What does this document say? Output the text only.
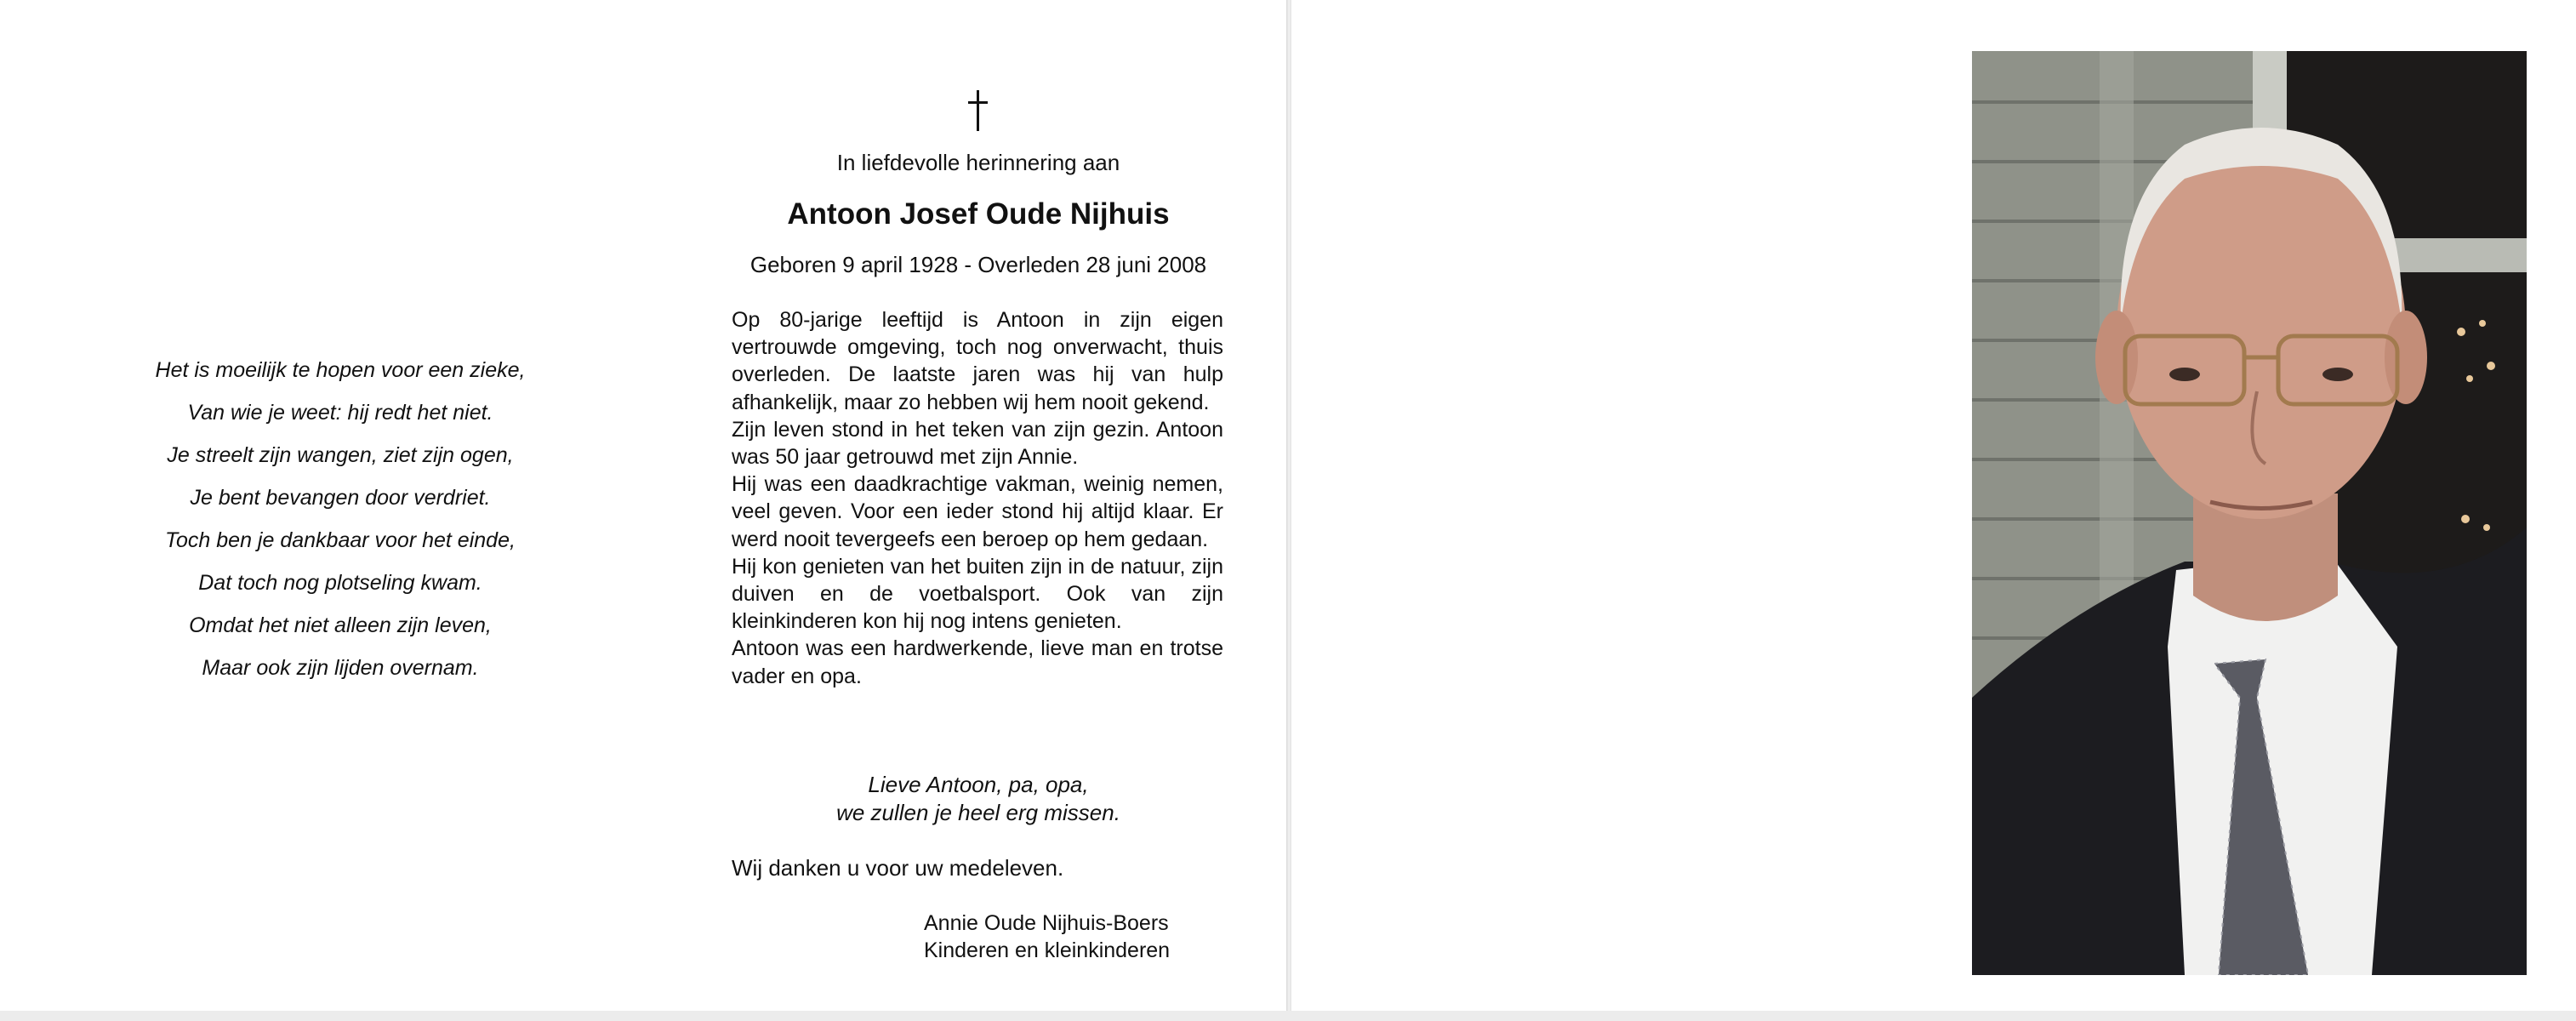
Het is moeilijk te hopen voor een zieke,
Van wie je weet: hij redt het niet.
Je streelt zijn wangen, ziet zijn ogen,
Je bent bevangen door verdriet.
Toch ben je dankbaar voor het einde,
Dat toch nog plotseling kwam.
Omdat het niet alleen zijn leven,
Maar ook zijn lijden overnam.
In liefdevolle herinnering aan
Antoon Josef Oude Nijhuis
Geboren 9 april 1928 - Overleden 28 juni 2008

Op 80-jarige leeftijd is Antoon in zijn eigen vertrouwde omgeving, toch nog onverwacht, thuis overleden. De laatste jaren was hij van hulp afhankelijk, maar zo hebben wij hem nooit gekend.

Zijn leven stond in het teken van zijn gezin. Antoon was 50 jaar getrouwd met zijn Annie.

Hij was een daadkrachtige vakman, weinig nemen, veel geven. Voor een ieder stond hij altijd klaar. Er werd nooit tevergeefs een beroep op hem gedaan.

Hij kon genieten van het buiten zijn in de natuur, zijn duiven en de voetbalsport. Ook van zijn kleinkinderen kon hij nog intens genieten.

Antoon was een hardwerkende, lieve man en trotse vader en opa.

Lieve Antoon, pa, opa,
we zullen je heel erg missen.
Wij danken u voor uw medeleven.
Annie Oude Nijhuis-Boers
Kinderen en kleinkinderen
